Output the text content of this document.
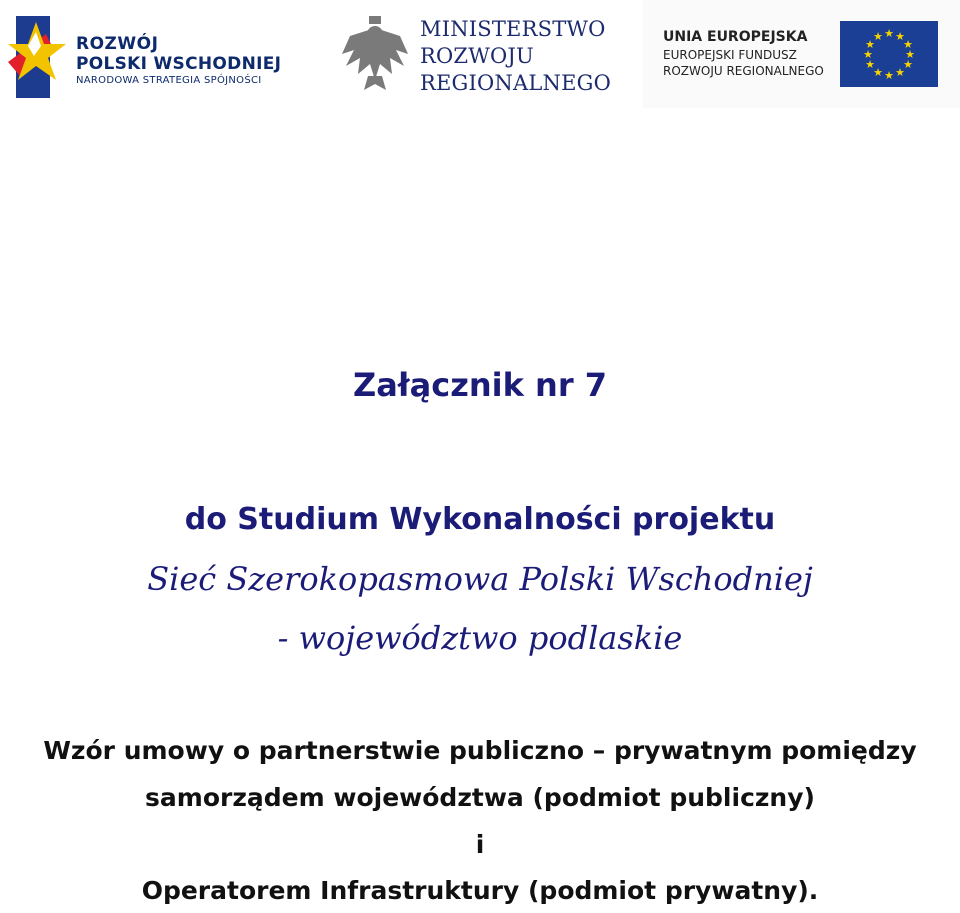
ROZWÓJ
POLSKI WSCHODNIEJ
NARODOWA STRATEGIA SPÓJNOŚCI
MINISTERSTWO
ROZWOJU
REGIONALNEGO
UNIA EUROPEJSKA
EUROPEJSKI FUNDUSZ
ROZWOJU REGIONALNEGO
★ ★
★
★
★
★
★
★
★
★
★
★
Załącznik nr 7
do Studium Wykonalności projektu
Sieć Szerokopasmowa Polski Wschodniej
- województwo podlaskie
Wzór umowy o partnerstwie publiczno – prywatnym pomiędzy
samorządem województwa (podmiot publiczny)
i
Operatorem Infrastruktury (podmiot prywatny).
